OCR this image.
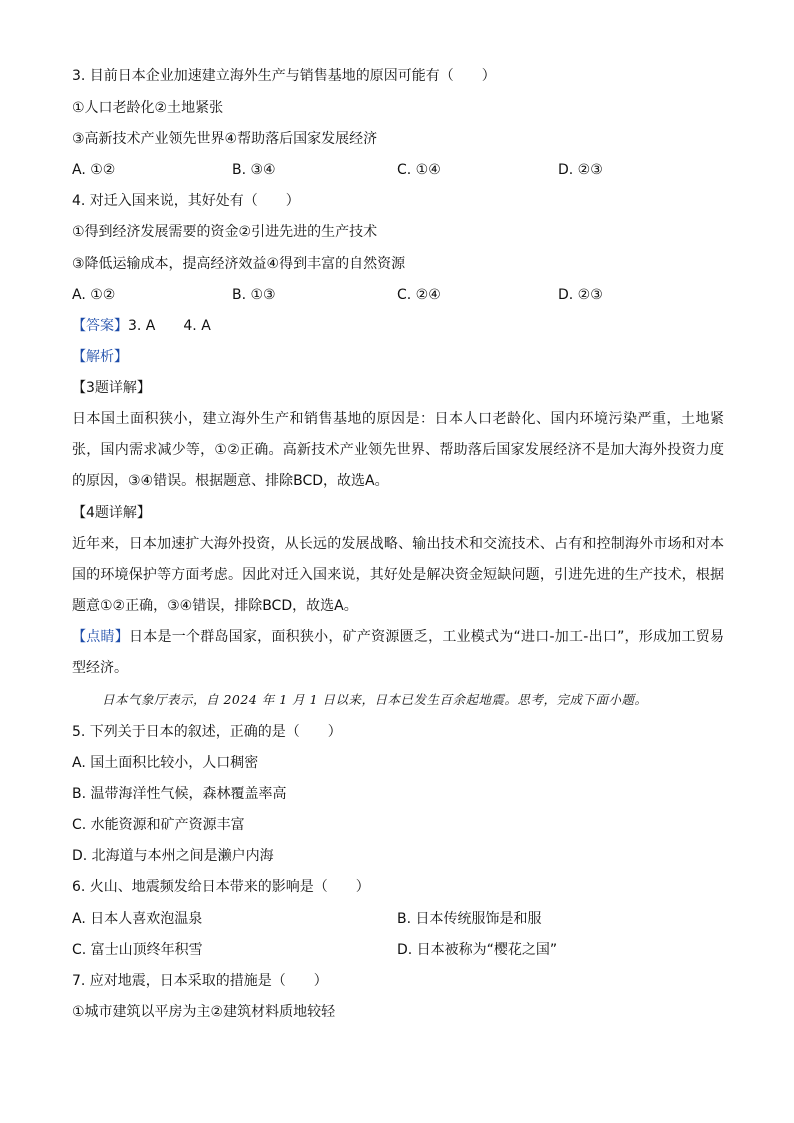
3. 目前日本企业加速建立海外生产与销售基地的原因可能有（　　）
①人口老龄化②土地紧张
③高新技术产业领先世界④帮助落后国家发展经济
A. ①②	B. ③④	C. ①④	D. ②③
4. 对迁入国来说，其好处有（　　）
①得到经济发展需要的资金②引进先进的生产技术
③降低运输成本，提高经济效益④得到丰富的自然资源
A. ①②	B. ①③	C. ②④	D. ②③
【答案】3. A　　4. A
【解析】
【3题详解】
日本国土面积狭小，建立海外生产和销售基地的原因是：日本人口老龄化、国内环境污染严重，土地紧张，国内需求减少等，①②正确。高新技术产业领先世界、帮助落后国家发展经济不是加大海外投资力度的原因，③④错误。根据题意、排除BCD，故选A。
【4题详解】
近年来，日本加速扩大海外投资，从长远的发展战略、输出技术和交流技术、占有和控制海外市场和对本国的环境保护等方面考虑。因此对迁入国来说，其好处是解决资金短缺问题，引进先进的生产技术，根据题意①②正确，③④错误，排除BCD，故选A。
【点睛】日本是一个群岛国家，面积狭小，矿产资源匮乏，工业模式为“进口-加工-出口”，形成加工贸易型经济。
日本气象厅表示，自 2024 年 1 月 1 日以来，日本已发生百余起地震。思考，完成下面小题。
5. 下列关于日本的叙述，正确的是（　　）
A. 国土面积比较小，人口稠密
B. 温带海洋性气候，森林覆盖率高
C. 水能资源和矿产资源丰富
D. 北海道与本州之间是濑户内海
6. 火山、地震频发给日本带来的影响是（　　）
A. 日本人喜欢泡温泉	B. 日本传统服饰是和服
C. 富士山顶终年积雪	D. 日本被称为“樱花之国”
7. 应对地震，日本采取的措施是（　　）
①城市建筑以平房为主②建筑材料质地较轻
